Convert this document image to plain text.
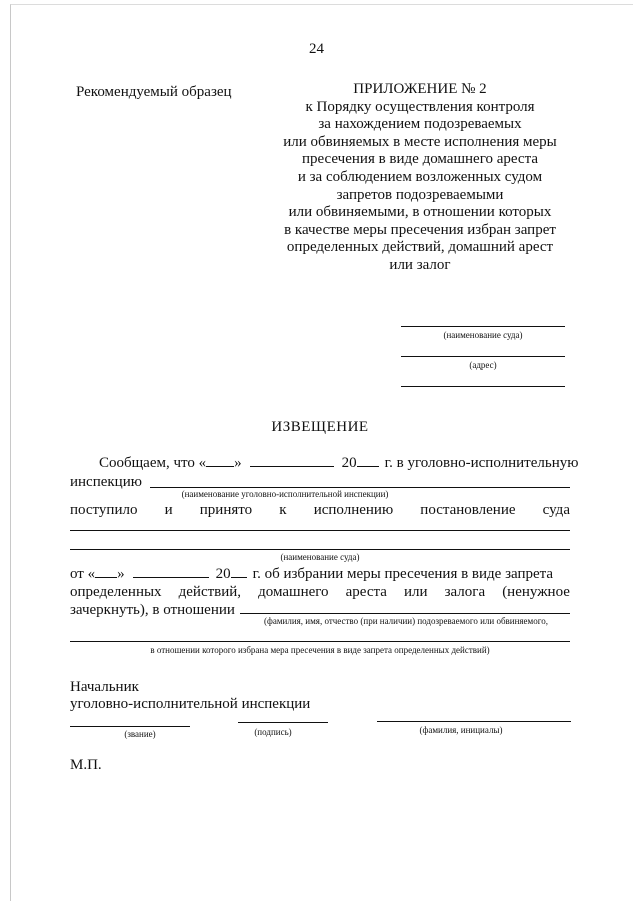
24
Рекомендуемый образец	ПРИЛОЖЕНИЕ № 2
к Порядку осуществления контроля
за нахождением подозреваемых
или обвиняемых в месте исполнения меры
пресечения в виде домашнего ареста
и за соблюдением возложенных судом
запретов подозреваемыми
или обвиняемыми, в отношении которых
в качестве меры пресечения избран запрет
определенных действий, домашний арест
или залог
(наименование суда)
(адрес)
ИЗВЕЩЕНИЕ
Сообщаем, что « »	20 г. в уголовно-исполнительную
инспекцию
(наименование уголовно-исполнительной инспекции)
поступило и принято к исполнению постановление суда
(наименование суда)
от « »	20 г. об избрании меры пресечения в виде запрета
определенных действий, домашнего ареста или залога (ненужное
зачеркнуть), в отношении
(фамилия, имя, отчество (при наличии) подозреваемого или обвиняемого,
в отношении которого избрана мера пресечения в виде запрета определенных действий)
Начальник
уголовно-исполнительной инспекции
(звание)	(подпись)	(фамилия, инициалы)
М.П.
